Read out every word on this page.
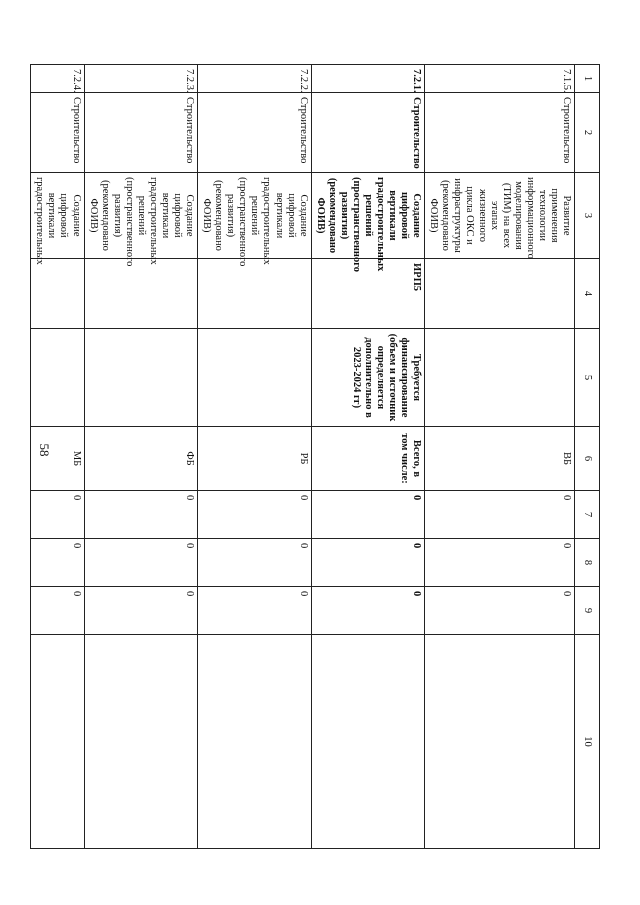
58
1	2	3	4	5	6	7	8	9	10
7.1.5.	Строительство	Развитие применения технологии информационного моделирования (ТИМ) на всех этапах жизненного цикла ОКС и инфраструктуры (рекомендовано ФОИВ)			ВБ	0	0	0	
7.2.1.	Строительство	Создание цифровой вертикали градостроительных решений (пространственного развития) (рекомендовано ФОИВ)	ИРП5	Требуется финансирование (объем и источник определяется дополнительно в 2023-2024 гг)	Всего, в том числе:	0	0	0	
7.2.2.	Строительство	Создание цифровой вертикали градостроительных решений (пространственного развития) (рекомендовано ФОИВ)			РБ	0	0	0	
7.2.3.	Строительство	Создание цифровой вертикали градостроительных решений (пространственного развития) (рекомендовано ФОИВ)			ФБ	0	0	0	
7.2.4.	Строительство	Создание цифровой вертикали градостроительных			МБ	0	0	0	
